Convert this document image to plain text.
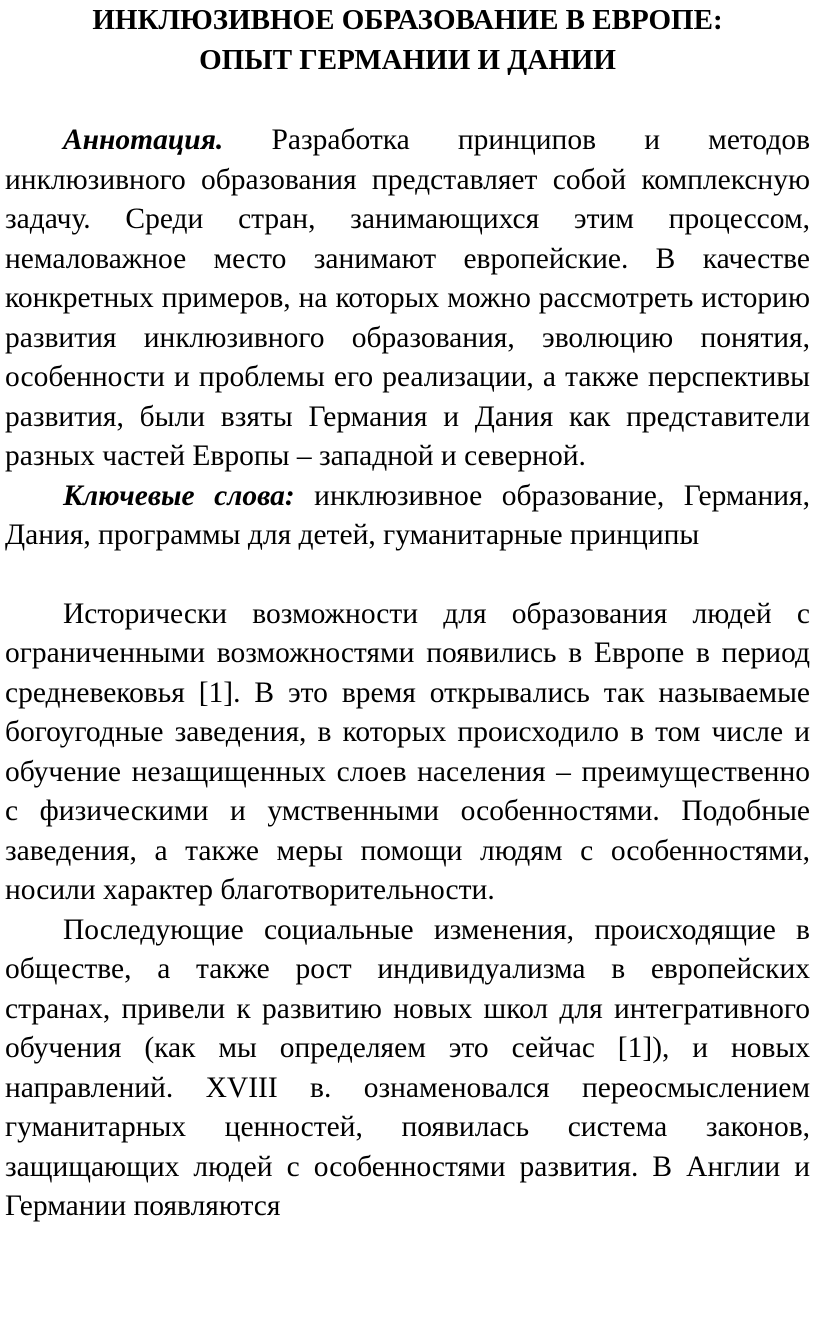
ИНКЛЮЗИВНОЕ ОБРАЗОВАНИЕ В ЕВРОПЕ:
ОПЫТ ГЕРМАНИИ И ДАНИИ

Аннотация. Разработка принципов и методов инклюзивного образования представляет собой комплексную задачу. Среди стран, занимающихся этим процессом, немаловажное место занимают европейские. В качестве конкретных примеров, на которых можно рассмотреть историю развития инклюзивного образования, эволюцию понятия, особенности и проблемы его реализации, а также перспективы развития, были взяты Германия и Дания как представители разных частей Европы – западной и северной.

Ключевые слова: инклюзивное образование, Германия, Дания, программы для детей, гуманитарные принципы

Исторически возможности для образования людей с ограниченными возможностями появились в Европе в период средневековья [1]. В это время открывались так называемые богоугодные заведения, в которых происходило в том числе и обучение незащищенных слоев населения – преимущественно с физическими и умственными особенностями. Подобные заведения, а также меры помощи людям с особенностями, носили характер благотворительности.

Последующие социальные изменения, происходящие в обществе, а также рост индивидуализма в европейских странах, привели к развитию новых школ для интегративного обучения (как мы определяем это сейчас [1]), и новых направлений. XVIII в. ознаменовался переосмыслением гуманитарных ценностей, появилась система законов, защищающих людей с особенностями развития. В Англии и Германии появляются
